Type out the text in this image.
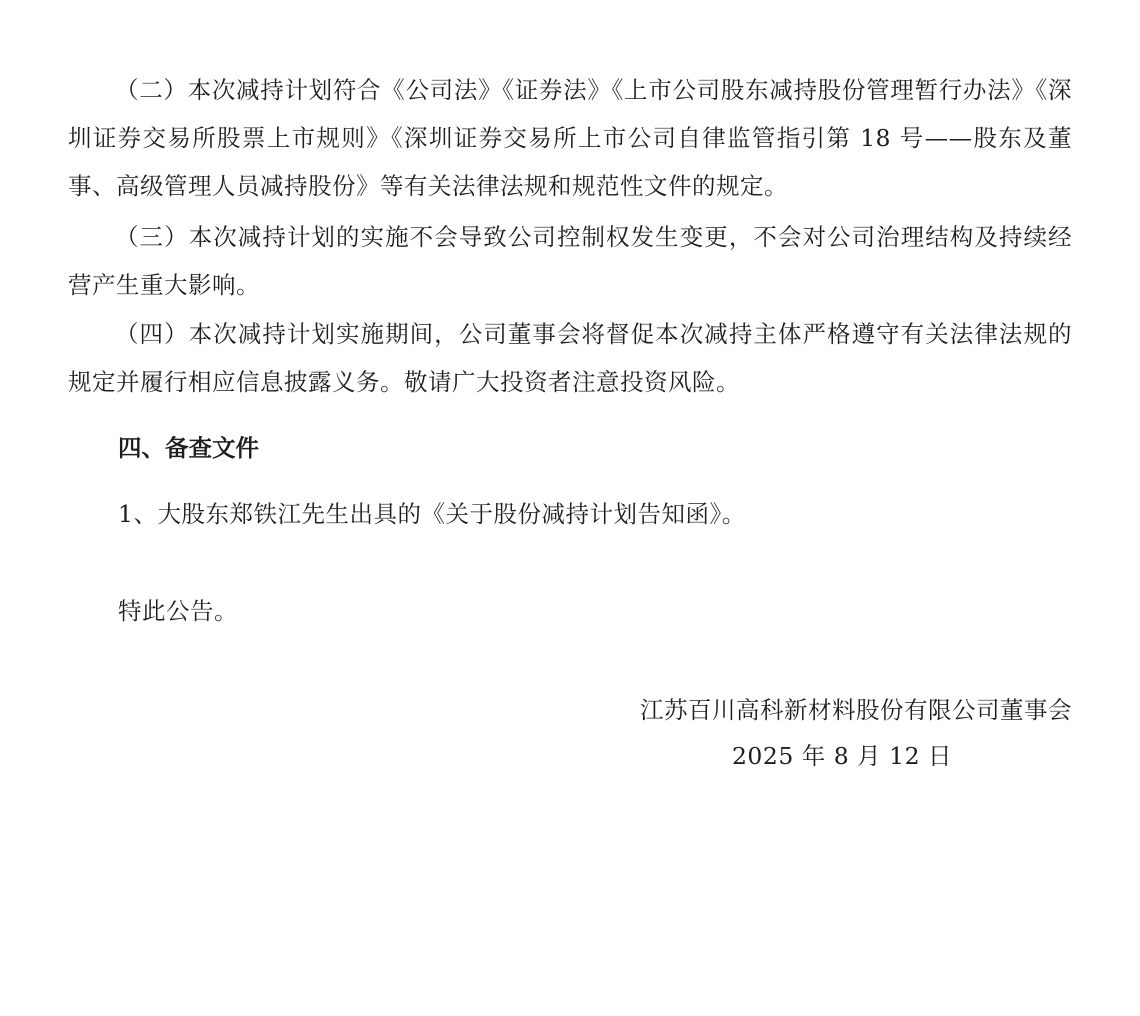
（二）本次减持计划符合《公司法》《证券法》《上市公司股东减持股份管理暂行办法》《深圳证券交易所股票上市规则》《深圳证券交易所上市公司自律监管指引第 18 号——股东及董事、高级管理人员减持股份》等有关法律法规和规范性文件的规定。

（三）本次减持计划的实施不会导致公司控制权发生变更，不会对公司治理结构及持续经营产生重大影响。

（四）本次减持计划实施期间，公司董事会将督促本次减持主体严格遵守有关法律法规的规定并履行相应信息披露义务。敬请广大投资者注意投资风险。

四、备查文件

1、大股东郑铁江先生出具的《关于股份减持计划告知函》。

特此公告。

江苏百川高科新材料股份有限公司董事会

2025 年 8 月 12 日
